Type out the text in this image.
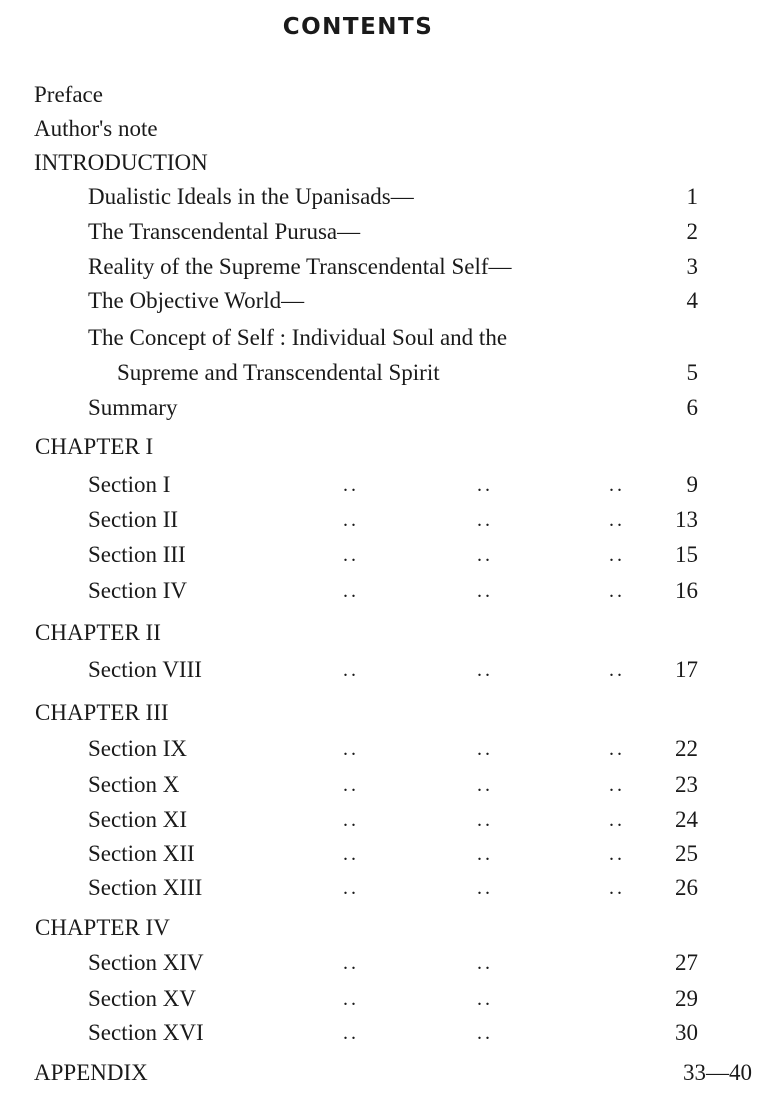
CONTENTS
Preface
Author's note
INTRODUCTION
Dualistic Ideals in the Upanisads—	1
The Transcendental Purusa—	2
Reality of the Supreme Transcendental Self—	3
The Objective World—	4
The Concept of Self : Individual Soul and the
Supreme and Transcendental Spirit	5
Summary	6
CHAPTER I
Section I	..	..	..	9
Section II	..	..	.. 13
Section III	..	..	.. 15
Section IV	..	..	.. 16
CHAPTER II
Section VIII	..	..	.. 17
CHAPTER III
Section IX	..	..	.. 22
Section X	..	..	.. 23
Section XI	..	..	.. 24
Section XII	..	..	.. 25
Section XIII	..	..	.. 26
CHAPTER IV
Section XIV	..	..	27
Section XV	..	..	29
Section XVI	..	..	30
APPENDIX	33—40
